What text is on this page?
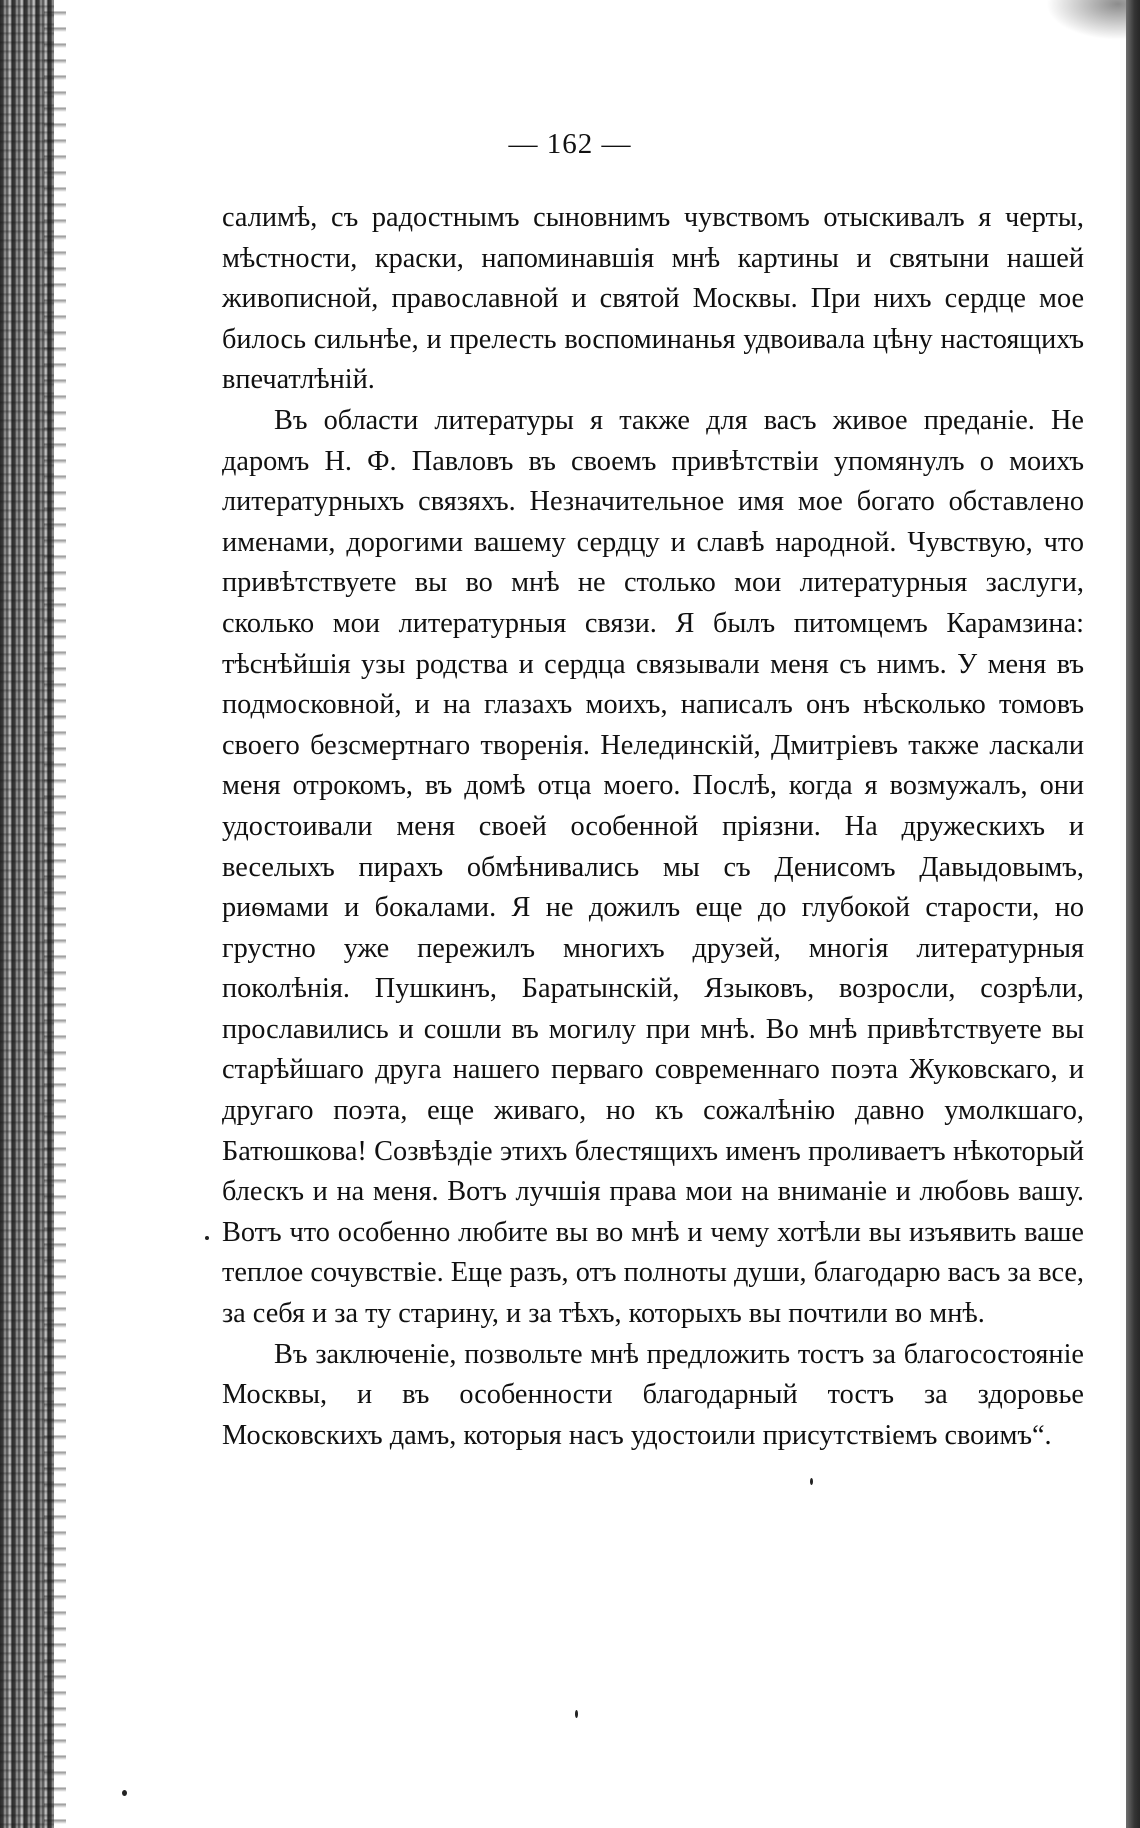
— 162 —

салимѣ, съ радостнымъ сыновнимъ чувствомъ отыскивалъ я черты, мѣстности, краски, напоминавшія мнѣ картины и святыни нашей живописной, православной и святой Москвы. При нихъ сердце мое билось сильнѣе, и прелесть воспоминанья удвоивала цѣну настоящихъ впечатлѣній.

Въ области литературы я также для васъ живое преданіе. Не даромъ Н. Ф. Павловъ въ своемъ привѣтствіи упомянулъ о моихъ литературныхъ связяхъ. Незначительное имя мое богато обставлено именами, дорогими вашему сердцу и славѣ народной. Чувствую, что привѣтствуете вы во мнѣ не столько мои литературныя заслуги, сколько мои литературныя связи. Я былъ питомцемъ Карамзина: тѣснѣйшія узы родства и сердца связывали меня съ нимъ. У меня въ подмосковной, и на глазахъ моихъ, написалъ онъ нѣсколько томовъ своего безсмертнаго творенія. Нелединскій, Дмитріевъ также ласкали меня отрокомъ, въ домѣ отца моего. Послѣ, когда я возмужалъ, они удостоивали меня своей особенной пріязни. На дружескихъ и веселыхъ пирахъ обмѣнивались мы съ Денисомъ Давыдовымъ, риѳмами и бокалами. Я не дожилъ еще до глубокой старости, но грустно уже пережилъ многихъ друзей, многія литературныя поколѣнія. Пушкинъ, Баратынскій, Языковъ, возросли, созрѣли, прославились и сошли въ могилу при мнѣ. Во мнѣ привѣтствуете вы старѣйшаго друга нашего перваго современнаго поэта Жуковскаго, и другаго поэта, еще живаго, но къ сожалѣнію давно умолкшаго, Батюшкова! Созвѣздіе этихъ блестящихъ именъ проливаетъ нѣкоторый блескъ и на меня. Вотъ лучшія права мои на вниманіе и любовь вашу. Вотъ что особенно любите вы во мнѣ и чему хотѣли вы изъявить ваше теплое сочувствіе. Еще разъ, отъ полноты души, благодарю васъ за все, за себя и за ту старину, и за тѣхъ, которыхъ вы почтили во мнѣ.

Въ заключеніе, позвольте мнѣ предложить тостъ за благосостояніе Москвы, и въ особенности благодарный тостъ за здоровье Московскихъ дамъ, которыя насъ удостоили присутствіемъ своимъ“.
